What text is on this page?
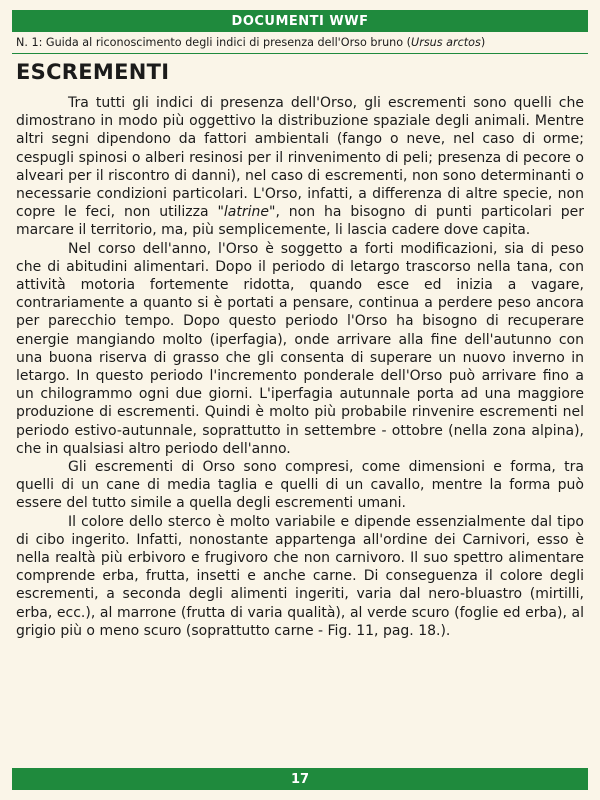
DOCUMENTI WWF
N. 1: Guida al riconoscimento degli indici di presenza dell'Orso bruno (Ursus arctos)
ESCREMENTI

Tra tutti gli indici di presenza dell'Orso, gli escrementi sono quelli che dimostrano in modo più oggettivo la distribuzione spaziale degli animali. Mentre altri segni dipendono da fattori ambientali (fango o neve, nel caso di orme; cespugli spinosi o alberi resinosi per il rinvenimento di peli; presenza di pecore o alveari per il riscontro di danni), nel caso di escrementi, non sono determinanti o necessarie condizioni particolari. L'Orso, infatti, a differenza di altre specie, non copre le feci, non utilizza "latrine", non ha bisogno di punti particolari per marcare il territorio, ma, più semplicemente, li lascia cadere dove capita.

Nel corso dell'anno, l'Orso è soggetto a forti modificazioni, sia di peso che di abitudini alimentari. Dopo il periodo di letargo trascorso nella tana, con attività motoria fortemente ridotta, quando esce ed inizia a vagare, contrariamente a quanto si è portati a pensare, continua a perdere peso ancora per parecchio tempo. Dopo questo periodo l'Orso ha bisogno di recuperare energie mangiando molto (iperfagia), onde arrivare alla fine dell'autunno con una buona riserva di grasso che gli consenta di superare un nuovo inverno in letargo. In questo periodo l'incremento ponderale dell'Orso può arrivare fino a un chilogrammo ogni due giorni. L'iperfagia autunnale porta ad una maggiore produzione di escrementi. Quindi è molto più probabile rinvenire escrementi nel periodo estivo-autunnale, soprattutto in settembre - ottobre (nella zona alpina), che in qualsiasi altro periodo dell'anno.

Gli escrementi di Orso sono compresi, come dimensioni e forma, tra quelli di un cane di media taglia e quelli di un cavallo, mentre la forma può essere del tutto simile a quella degli escrementi umani.

Il colore dello sterco è molto variabile e dipende essenzialmente dal tipo di cibo ingerito. Infatti, nonostante appartenga all'ordine dei Carnivori, esso è nella realtà più erbivoro e frugivoro che non carnivoro. Il suo spettro alimentare comprende erba, frutta, insetti e anche carne. Di conseguenza il colore degli escrementi, a seconda degli alimenti ingeriti, varia dal nero-bluastro (mirtilli, erba, ecc.), al marrone (frutta di varia qualità), al verde scuro (foglie ed erba), al grigio più o meno scuro (soprattutto carne - Fig. 11, pag. 18.).

17
